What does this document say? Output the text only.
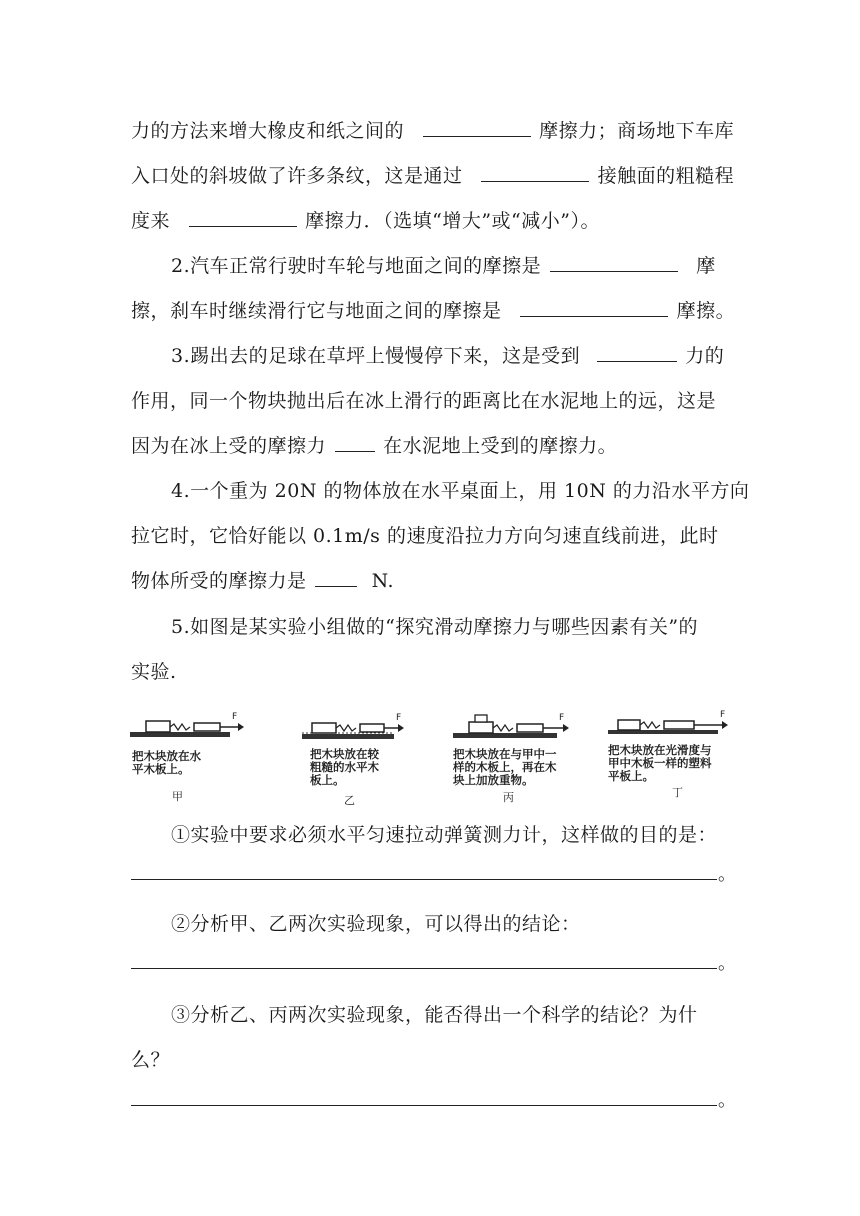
力的方法来增大橡皮和纸之间的	摩擦力；商场地下车库
入口处的斜坡做了许多条纹，这是通过	接触面的粗糙程
度来	摩擦力．（选填“增大”或“减小”）。
2.汽车正常行驶时车轮与地面之间的摩擦是	摩
擦，刹车时继续滑行它与地面之间的摩擦是	摩擦。
3.踢出去的足球在草坪上慢慢停下来，这是受到	力的
作用，同一个物块抛出后在冰上滑行的距离比在水泥地上的远，这是
因为在冰上受的摩擦力	在水泥地上受到的摩擦力。
4.一个重为 20N 的物体放在水平桌面上，用 10N 的力沿水平方向
拉它时，它恰好能以 0.1m/s 的速度沿拉力方向匀速直线前进，此时
物体所受的摩擦力是	N.
5.如图是某实验小组做的“探究滑动摩擦力与哪些因素有关”的
实验.
F
把木块放在水
平木板上。
甲
F
把木块放在较
粗糙的水平木
板上。
乙
F
把木块放在与甲中一
样的木板上，再在木
块上加放重物。
丙
F
把木块放在光滑度与
甲中木板一样的塑料
平板上。
丁
①实验中要求必须水平匀速拉动弹簧测力计，这样做的目的是：
。
②分析甲、乙两次实验现象，可以得出的结论：
。
③分析乙、丙两次实验现象，能否得出一个科学的结论？为什
么？
。
